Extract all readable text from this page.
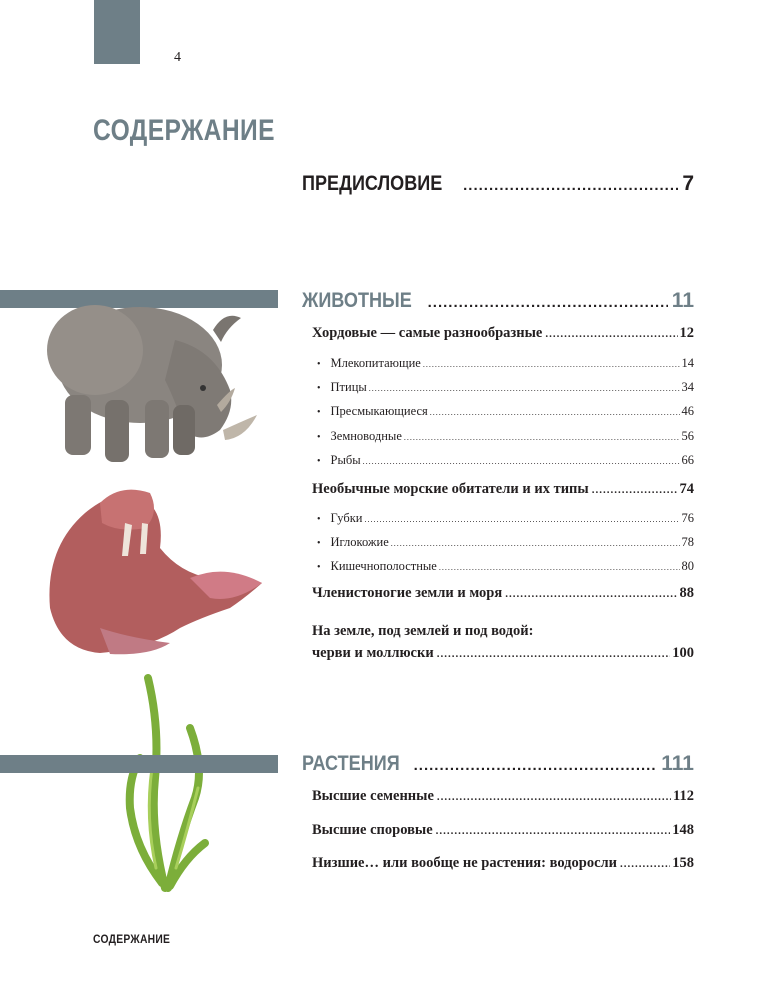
4
СОДЕРЖАНИЕ
ПРЕДИСЛОВИЕ .....	7
ЖИВОТНЫЕ .....	11
Хордовые — самые разнообразные .....	12
• Млекопитающие .....	14
• Птицы .....	34
• Пресмыкающиеся .....	46
• Земноводные .....	56
• Рыбы .....	66
Необычные морские обитатели и их типы .....	74
• Губки .....	76
• Иглокожие .....	78
• Кишечнополостные .....	80
Членистоногие земли и моря .....	88
На земле, под землей и под водой:
черви и моллюски .....	100
РАСТЕНИЯ .....	111
Высшие семенные .....	112
Высшие споровые .....	148
Низшие… или вообще не растения: водоросли .....	158
СОДЕРЖАНИЕ
